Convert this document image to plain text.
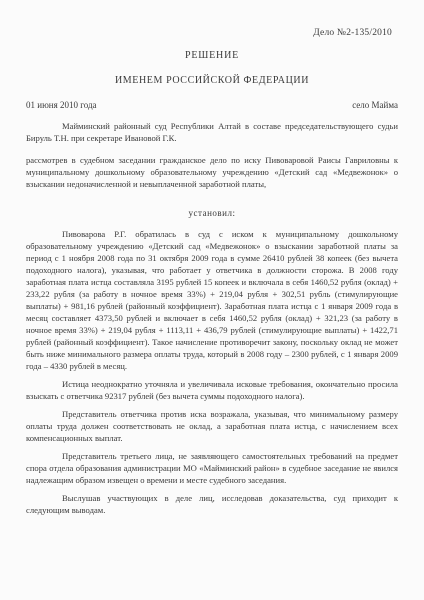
Дело №2-135/2010
РЕШЕНИЕ
ИМЕНЕМ РОССИЙСКОЙ ФЕДЕРАЦИИ
01 июня 2010 года	село Майма

Майминский районный суд Республики Алтай в составе председательствующего судьи Бируль Т.Н. при секретаре Ивановой Г.К.

рассмотрев в судебном заседании гражданское дело по иску Пивоваровой Раисы Гавриловны к муниципальному дошкольному образовательному учреждению «Детский сад «Медвежонок» о взыскании недоначисленной и невыплаченной заработной платы,

установил:

Пивоварова Р.Г. обратилась в суд с иском к муниципальному дошкольному образовательному учреждению «Детский сад «Медвежонок» о взыскании заработной платы за период с 1 ноября 2008 года по 31 октября 2009 года в сумме 26410 рублей 38 копеек (без вычета подоходного налога), указывая, что работает у ответчика в должности сторожа. В 2008 году заработная плата истца составляла 3195 рублей 15 копеек и включала в себя 1460,52 рубля (оклад) + 233,22 рубля (за работу в ночное время 33%) + 219,04 рубля + 302,51 рубль (стимулирующие выплаты) + 981,16 рублей (районный коэффициент). Заработная плата истца с 1 января 2009 года в месяц составляет 4373,50 рублей и включает в себя 1460,52 рубля (оклад) + 321,23 (за работу в ночное время 33%) + 219,04 рубля + 1113,11 + 436,79 рублей (стимулирующие выплаты) + 1422,71 рублей (районный коэффициент). Такое начисление противоречит закону, поскольку оклад не может быть ниже минимального размера оплаты труда, который в 2008 году – 2300 рублей, с 1 января 2009 года – 4330 рублей в месяц.

Истица неоднократно уточняла и увеличивала исковые требования, окончательно просила взыскать с ответчика 92317 рублей (без вычета суммы подоходного налога).

Представитель ответчика против иска возражала, указывая, что минимальному размеру оплаты труда должен соответствовать не оклад, а заработная плата истца, с начислением всех компенсационных выплат.

Представитель третьего лица, не заявляющего самостоятельных требований на предмет спора отдела образования администрации МО «Майминский район» в судебное заседание не явился надлежащим образом извещен о времени и месте судебного заседания.

Выслушав участвующих в деле лиц, исследовав доказательства, суд приходит к следующим выводам.
